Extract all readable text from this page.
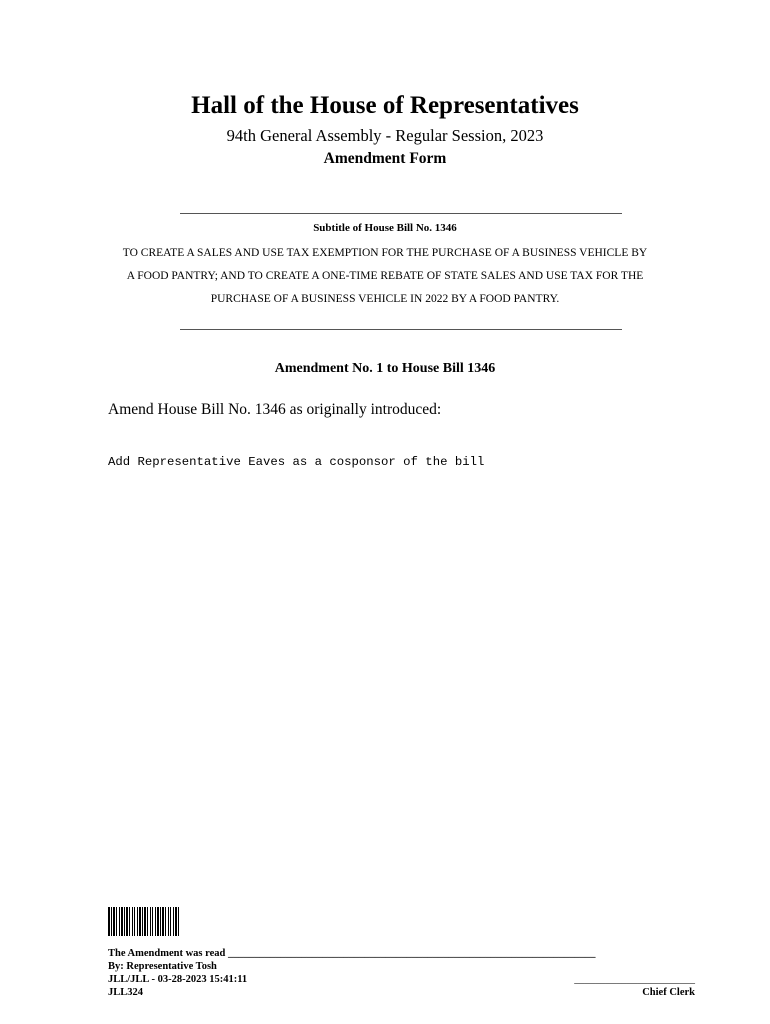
Hall of the House of Representatives
94th General Assembly - Regular Session, 2023
Amendment Form
Subtitle of House Bill No. 1346
TO CREATE A SALES AND USE TAX EXEMPTION FOR THE PURCHASE OF A BUSINESS VEHICLE BY
A FOOD PANTRY; AND TO CREATE A ONE-TIME REBATE OF STATE SALES AND USE TAX FOR THE
PURCHASE OF A BUSINESS VEHICLE IN 2022 BY A FOOD PANTRY.
Amendment No. 1 to House Bill 1346
Amend House Bill No. 1346 as originally introduced:
Add Representative Eaves as a cosponsor of the bill
The Amendment was read ______________________________________________________________________
By: Representative Tosh
JLL/JLL - 03-28-2023 15:41:11
JLL324
_______________________
Chief Clerk
